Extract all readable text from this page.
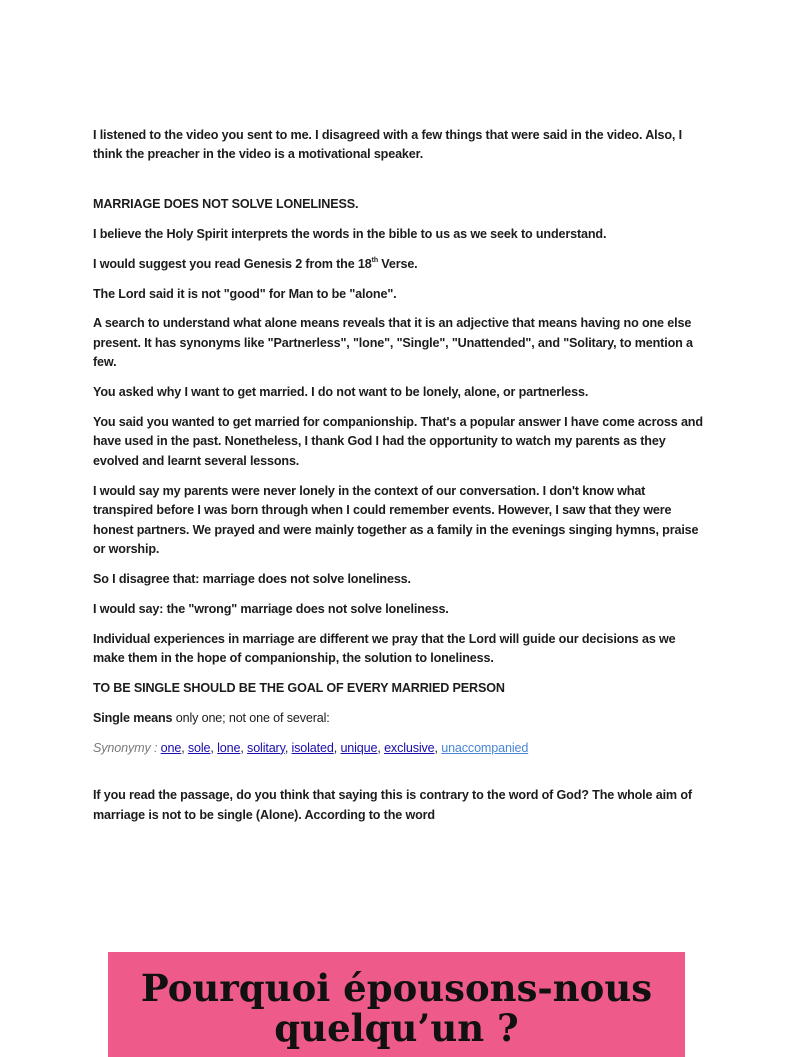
I listened to the video you sent to me. I disagreed with a few things that were said in the video. Also, I think the preacher in the video is a motivational speaker.

MARRIAGE DOES NOT SOLVE LONELINESS.

I believe the Holy Spirit interprets the words in the bible to us as we seek to understand.

I would suggest you read Genesis 2 from the 18th Verse.

The Lord said it is not "good" for Man to be "alone".

A search to understand what alone means reveals that it is an adjective that means having no one else present. It has synonyms like "Partnerless", "lone", "Single", "Unattended", and "Solitary, to mention a few.

You asked why I want to get married. I do not want to be lonely, alone, or partnerless.

You said you wanted to get married for companionship. That's a popular answer I have come across and have used in the past. Nonetheless, I thank God I had the opportunity to watch my parents as they evolved and learnt several lessons.

I would say my parents were never lonely in the context of our conversation. I don't know what transpired before I was born through when I could remember events. However, I saw that they were honest partners. We prayed and were mainly together as a family in the evenings singing hymns, praise or worship.

So I disagree that: marriage does not solve loneliness.

I would say: the "wrong" marriage does not solve loneliness.

Individual experiences in marriage are different we pray that the Lord will guide our decisions as we make them in the hope of companionship, the solution to loneliness.

TO BE SINGLE SHOULD BE THE GOAL OF EVERY MARRIED PERSON

Single means only one; not one of several:

Synonymy : one, sole, lone, solitary, isolated, unique, exclusive, unaccompanied

If you read the passage, do you think that saying this is contrary to the word of God? The whole aim of marriage is not to be single (Alone). According to the word

Pourquoi épousons-nous
quelqu’un ?
